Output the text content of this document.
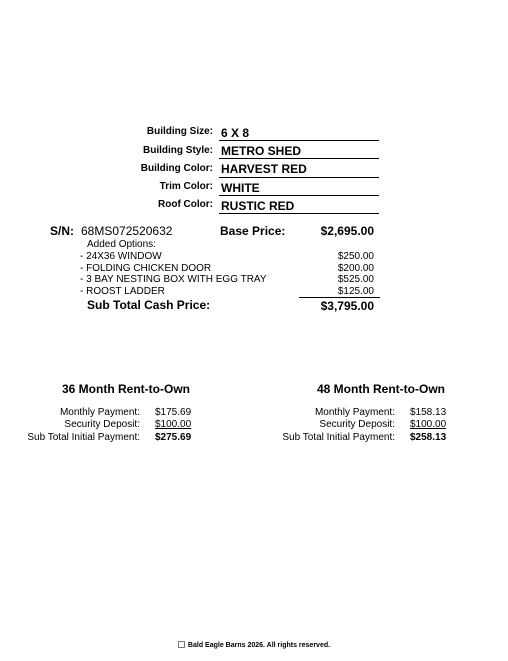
Building Size: 6 X 8
Building Style: METRO SHED
Building Color: HARVEST RED
Trim Color: WHITE
Roof Color: RUSTIC RED
S/N: 68MS072520632	Base Price:	$2,695.00
Added Options:
- 24X36 WINDOW	$250.00
- FOLDING CHICKEN DOOR	$200.00
- 3 BAY NESTING BOX WITH EGG TRAY	$525.00
- ROOST LADDER	$125.00
Sub Total Cash Price:	$3,795.00
36 Month Rent-to-Own
Monthly Payment: $175.69
Security Deposit: $100.00
Sub Total Initial Payment: $275.69
48 Month Rent-to-Own
Monthly Payment: $158.13
Security Deposit: $100.00
Sub Total Initial Payment: $258.13
Bald Eagle Barns 2026. All rights reserved.
